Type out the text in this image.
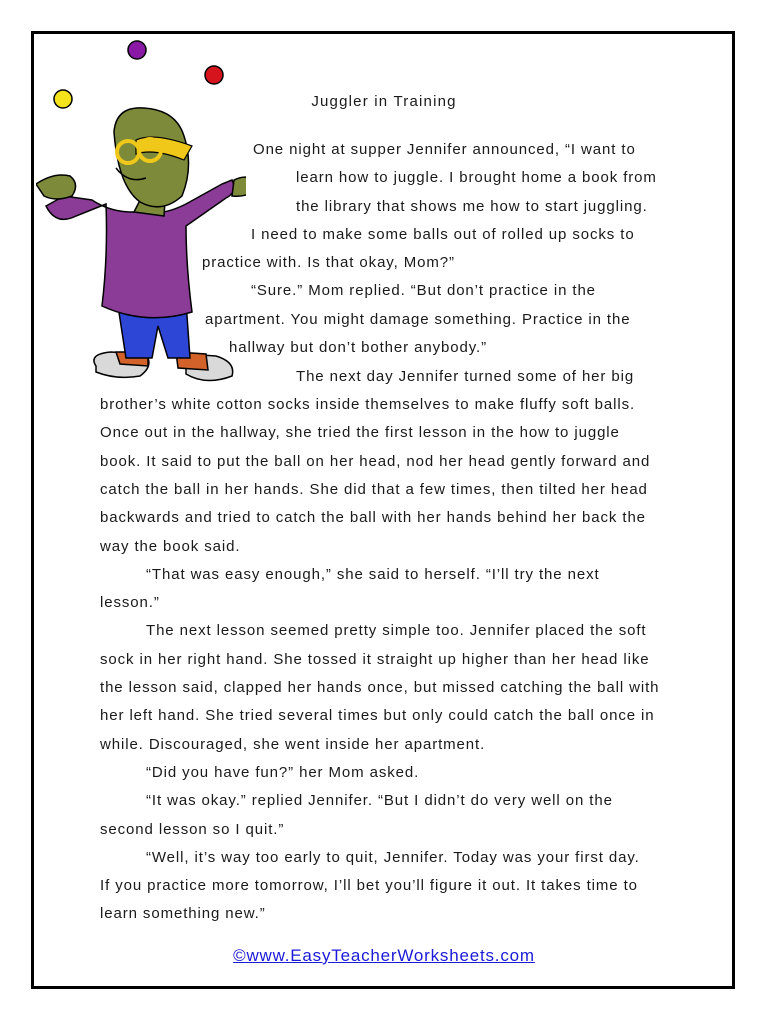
Juggler in Training
One night at supper Jennifer announced, “I want to
learn how to juggle. I brought home a book from
the library that shows me how to start juggling.
I need to make some balls out of rolled up socks to
practice with. Is that okay, Mom?”
“Sure.” Mom replied. “But don’t practice in the
apartment. You might damage something. Practice in the
hallway but don’t bother anybody.”
The next day Jennifer turned some of her big
brother’s white cotton socks inside themselves to make fluffy soft balls.
Once out in the hallway, she tried the first lesson in the how to juggle
book. It said to put the ball on her head, nod her head gently forward and
catch the ball in her hands. She did that a few times, then tilted her head
backwards and tried to catch the ball with her hands behind her back the
way the book said.
“That was easy enough,” she said to herself. “I’ll try the next
lesson.”
The next lesson seemed pretty simple too. Jennifer placed the soft
sock in her right hand. She tossed it straight up higher than her head like
the lesson said, clapped her hands once, but missed catching the ball with
her left hand. She tried several times but only could catch the ball once in
while. Discouraged, she went inside her apartment.
“Did you have fun?” her Mom asked.
“It was okay.” replied Jennifer. “But I didn’t do very well on the
second lesson so I quit.”
“Well, it’s way too early to quit, Jennifer. Today was your first day.
If you practice more tomorrow, I’ll bet you’ll figure it out. It takes time to
learn something new.”
©www.EasyTeacherWorksheets.com
